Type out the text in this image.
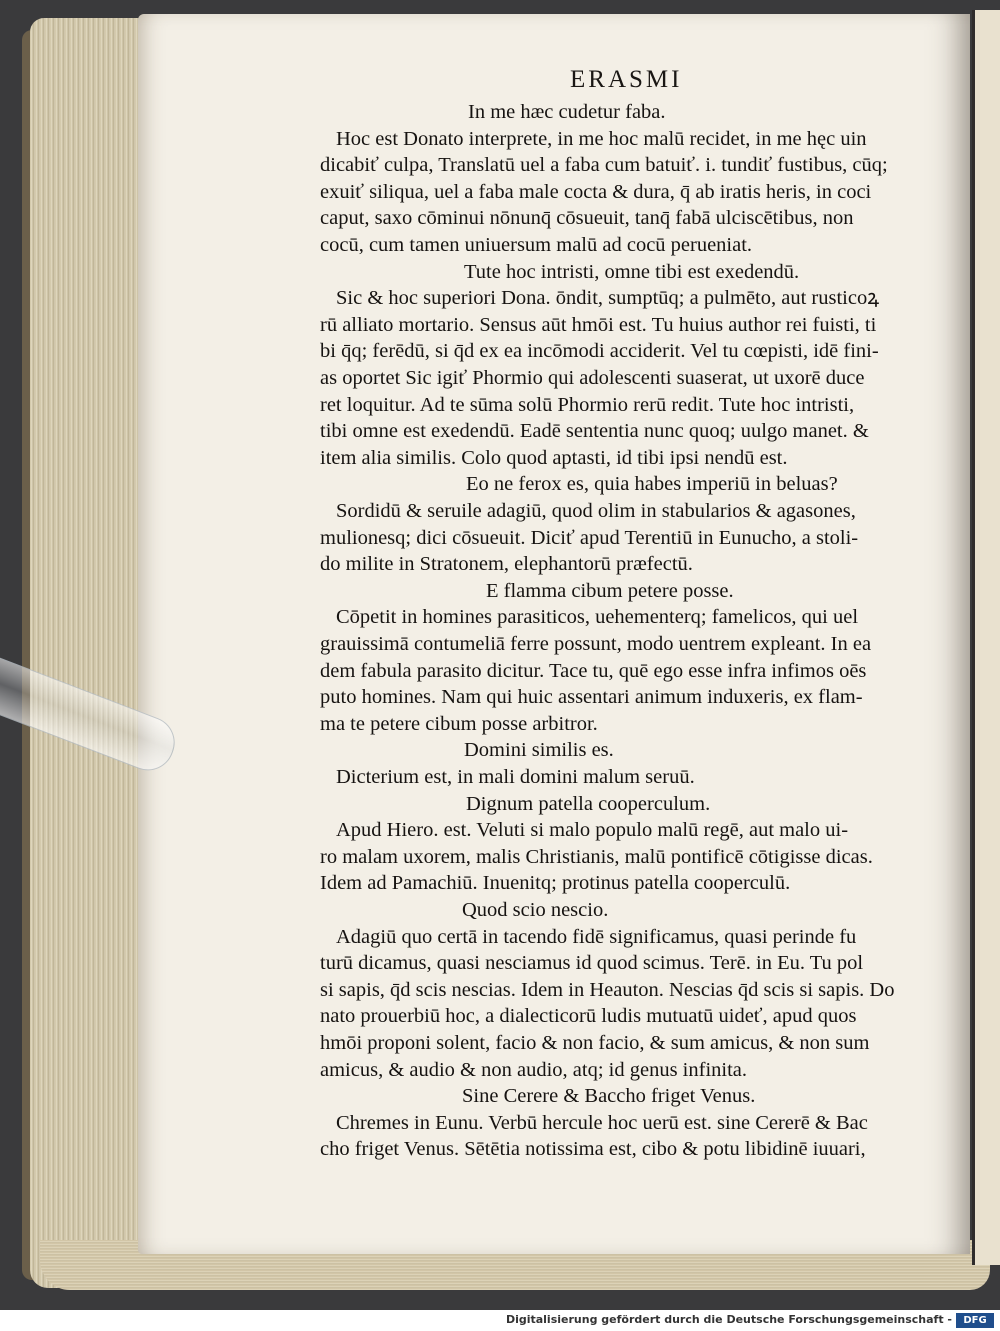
ERASMI
In me hæc cudetur faba.
Hoc est Donato interprete, in me hoc malū recidet, in me hęc uin
dicabiť culpa, Translatū uel a faba cum batuiť. i. tundiť fustibus, cūq;
exuiť siliqua, uel a faba male cocta & dura, q̄ ab iratis heris, in coci
caput, saxo cōminui nōnunq̄ cōsueuit, tanq̄ fabā ulciscētibus, non
cocū, cum tamen uniuersum malū ad cocū perueniat.
Tute hoc intristi, omne tibi est exedendū.
Sic & hoc superiori Dona. ōndit, sumptūq; a pulmēto, aut rusticoꝝ
rū alliato mortario. Sensus aūt hmōi est. Tu huius author rei fuisti, ti
bi q̄q; ferēdū, si q̄d ex ea incōmodi acciderit. Vel tu cœpisti, idē fini-
as oportet Sic igiť Phormio qui adolescenti suaserat, ut uxorē duce
ret loquitur. Ad te sūma solū Phormio rerū redit. Tute hoc intristi,
tibi omne est exedendū. Eadē sententia nunc quoq; uulgo manet. &
item alia similis. Colo quod aptasti, id tibi ipsi nendū est.
Eo ne ferox es, quia habes imperiū in beluas?
Sordidū & seruile adagiū, quod olim in stabularios & agasones,
mulionesq; dici cōsueuit. Diciť apud Terentiū in Eunucho, a stoli-
do milite in Stratonem, elephantorū præfectū.
E flamma cibum petere posse.
Cōpetit in homines parasiticos, uehementerq; famelicos, qui uel
grauissimā contumeliā ferre possunt, modo uentrem expleant. In ea
dem fabula parasito dicitur. Tace tu, quē ego esse infra infimos oēs
puto homines. Nam qui huic assentari animum induxeris, ex flam-
ma te petere cibum posse arbitror.
Domini similis es.
Dicterium est, in mali domini malum seruū.
Dignum patella cooperculum.
Apud Hiero. est. Veluti si malo populo malū regē, aut malo ui-
ro malam uxorem, malis Christianis, malū pontificē cōtigisse dicas.
Idem ad Pamachiū. Inuenitq; protinus patella cooperculū.
Quod scio nescio.
Adagiū quo certā in tacendo fidē significamus, quasi perinde fu
turū dicamus, quasi nesciamus id quod scimus. Terē. in Eu. Tu pol
si sapis, q̄d scis nescias. Idem in Heauton. Nescias q̄d scis si sapis. Do
nato prouerbiū hoc, a dialecticorū ludis mutuatū uideť, apud quos
hmōi proponi solent, facio & non facio, & sum amicus, & non sum
amicus, & audio & non audio, atq; id genus infinita.
Sine Cerere & Baccho friget Venus.
Chremes in Eunu. Verbū hercule hoc uerū est. sine Cererē & Bac
cho friget Venus. Sētētia notissima est, cibo & potu libidinē iuuari,
Digitalisierung gefördert durch die Deutsche Forschungsgemeinschaft -	DFG
